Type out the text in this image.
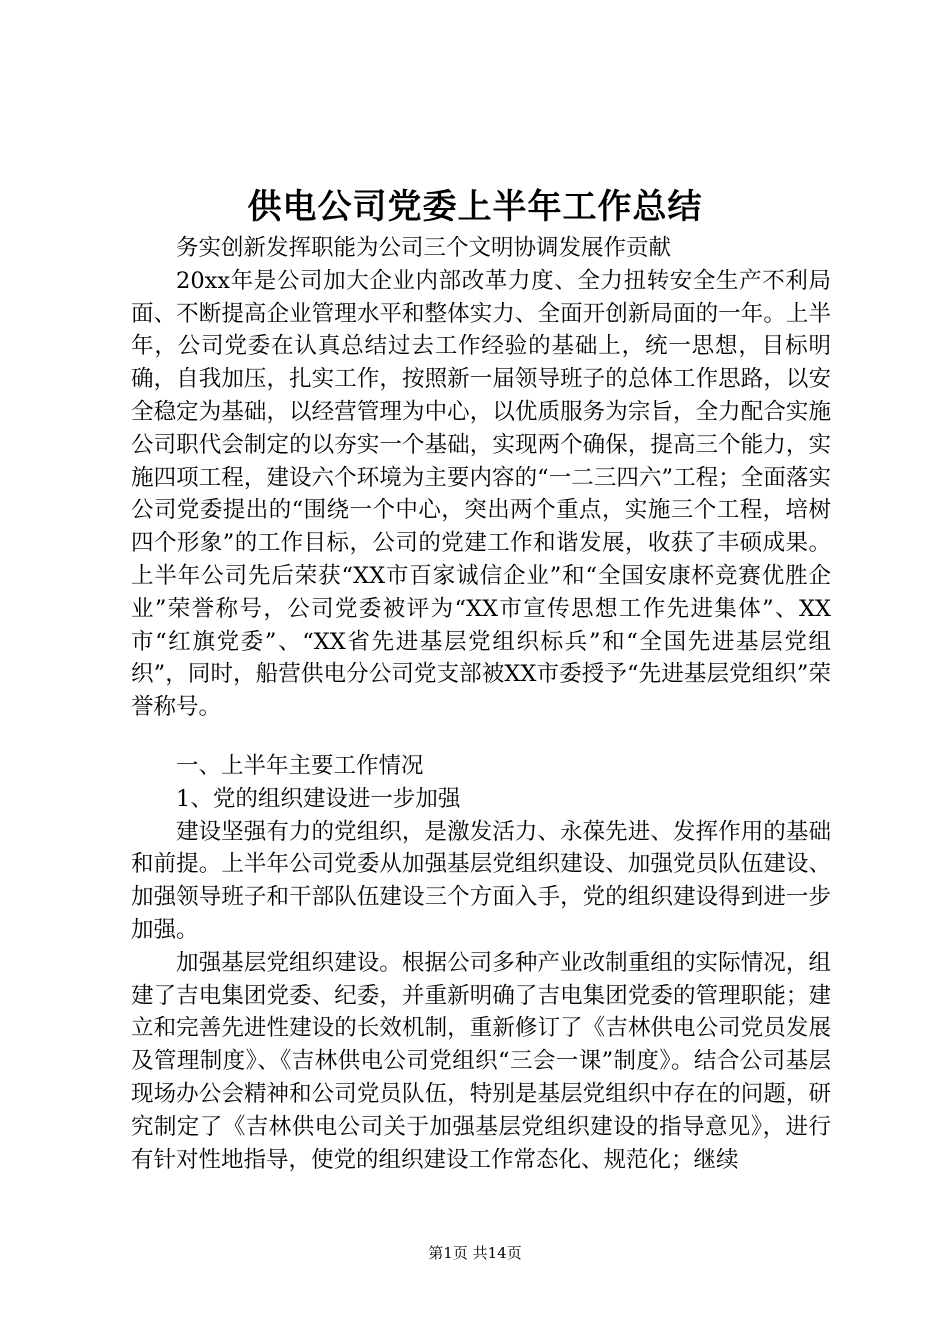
供电公司党委上半年工作总结

务实创新发挥职能为公司三个文明协调发展作贡献

20xx年是公司加大企业内部改革力度、全力扭转安全生产不利局面、不断提高企业管理水平和整体实力、全面开创新局面的一年。上半年，公司党委在认真总结过去工作经验的基础上，统一思想，目标明确，自我加压，扎实工作，按照新一届领导班子的总体工作思路，以安全稳定为基础，以经营管理为中心，以优质服务为宗旨，全力配合实施公司职代会制定的以夯实一个基础，实现两个确保，提高三个能力，实施四项工程，建设六个环境为主要内容的“一二三四六”工程；全面落实公司党委提出的“围绕一个中心，突出两个重点，实施三个工程，培树四个形象”的工作目标，公司的党建工作和谐发展，收获了丰硕成果。上半年公司先后荣获“XX市百家诚信企业”和“全国安康杯竞赛优胜企业”荣誉称号，公司党委被评为“XX市宣传思想工作先进集体”、XX市“红旗党委”、“XX省先进基层党组织标兵”和“全国先进基层党组织”，同时，船营供电分公司党支部被XX市委授予“先进基层党组织”荣誉称号。

一、上半年主要工作情况

1、党的组织建设进一步加强

建设坚强有力的党组织，是激发活力、永葆先进、发挥作用的基础和前提。上半年公司党委从加强基层党组织建设、加强党员队伍建设、加强领导班子和干部队伍建设三个方面入手，党的组织建设得到进一步加强。

加强基层党组织建设。根据公司多种产业改制重组的实际情况，组建了吉电集团党委、纪委，并重新明确了吉电集团党委的管理职能；建立和完善先进性建设的长效机制，重新修订了《吉林供电公司党员发展及管理制度》、《吉林供电公司党组织“三会一课”制度》。结合公司基层现场办公会精神和公司党员队伍，特别是基层党组织中存在的问题，研究制定了《吉林供电公司关于加强基层党组织建设的指导意见》，进行有针对性地指导，使党的组织建设工作常态化、规范化；继续

第1页 共14页
